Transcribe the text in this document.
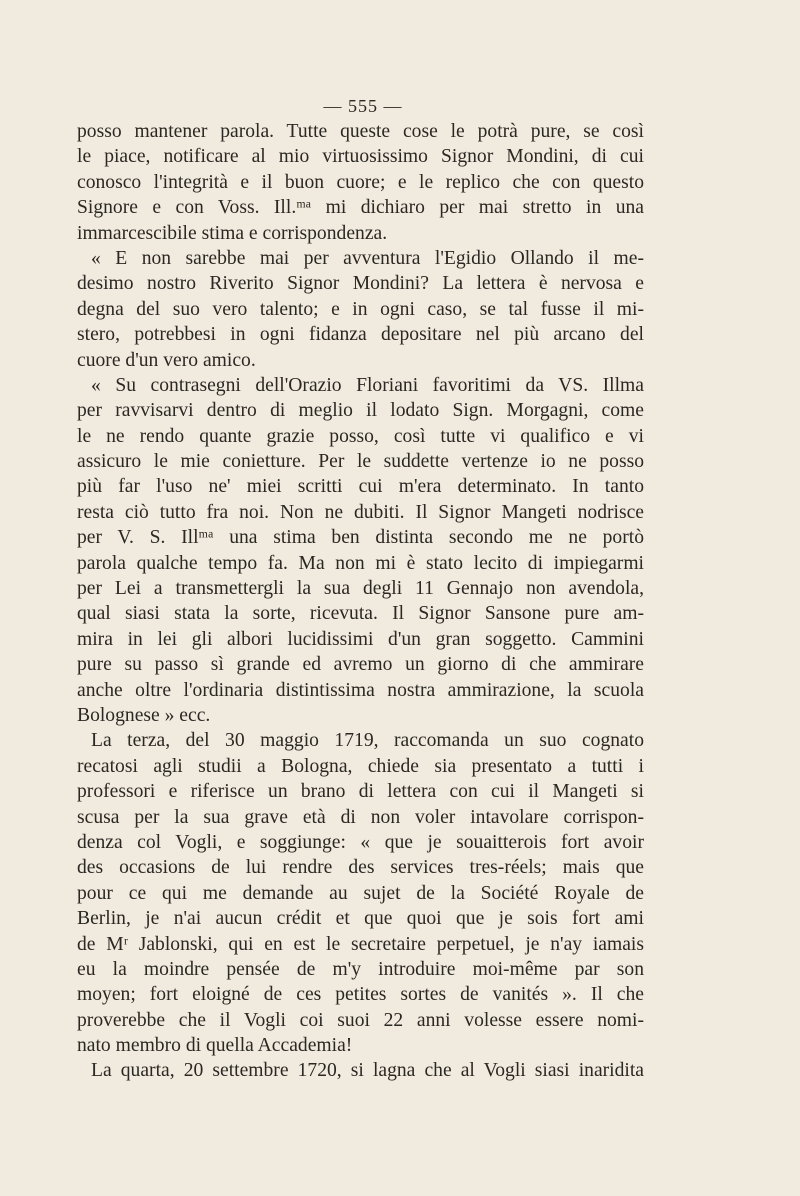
— 555 —
posso mantener parola. Tutte queste cose le potrà pure, se così
le piace, notificare al mio virtuosissimo Signor Mondini, di cui
conosco l'integrità e il buon cuore; e le replico che con questo
Signore e con Voss. Ill.ᵐᵃ mi dichiaro per mai stretto in una
immarcescibile stima e corrispondenza.
« E non sarebbe mai per avventura l'Egidio Ollando il me-
desimo nostro Riverito Signor Mondini? La lettera è nervosa e
degna del suo vero talento; e in ogni caso, se tal fusse il mi-
stero, potrebbesi in ogni fidanza depositare nel più arcano del
cuore d'un vero amico.
« Su contrasegni dell'Orazio Floriani favoritimi da VS. Illma
per ravvisarvi dentro di meglio il lodato Sign. Morgagni, come
le ne rendo quante grazie posso, così tutte vi qualifico e vi
assicuro le mie conietture. Per le suddette vertenze io ne posso
più far l'uso ne' miei scritti cui m'era determinato. In tanto
resta ciò tutto fra noi. Non ne dubiti. Il Signor Mangeti nodrisce
per V. S. Illᵐᵃ una stima ben distinta secondo me ne portò
parola qualche tempo fa. Ma non mi è stato lecito di impiegarmi
per Lei a transmettergli la sua degli 11 Gennajo non avendola,
qual siasi stata la sorte, ricevuta. Il Signor Sansone pure am-
mira in lei gli albori lucidissimi d'un gran soggetto. Cammini
pure su passo sì grande ed avremo un giorno di che ammirare
anche oltre l'ordinaria distintissima nostra ammirazione, la scuola
Bolognese » ecc.
La terza, del 30 maggio 1719, raccomanda un suo cognato
recatosi agli studii a Bologna, chiede sia presentato a tutti i
professori e riferisce un brano di lettera con cui il Mangeti si
scusa per la sua grave età di non voler intavolare corrispon-
denza col Vogli, e soggiunge: « que je souaitterois fort avoir
des occasions de lui rendre des services tres-réels; mais que
pour ce qui me demande au sujet de la Société Royale de
Berlin, je n'ai aucun crédit et que quoi que je sois fort ami
de Mʳ Jablonski, qui en est le secretaire perpetuel, je n'ay iamais
eu la moindre pensée de m'y introduire moi-même par son
moyen; fort eloigné de ces petites sortes de vanités ». Il che
proverebbe che il Vogli coi suoi 22 anni volesse essere nomi-
nato membro di quella Accademia!
La quarta, 20 settembre 1720, si lagna che al Vogli siasi inaridita
